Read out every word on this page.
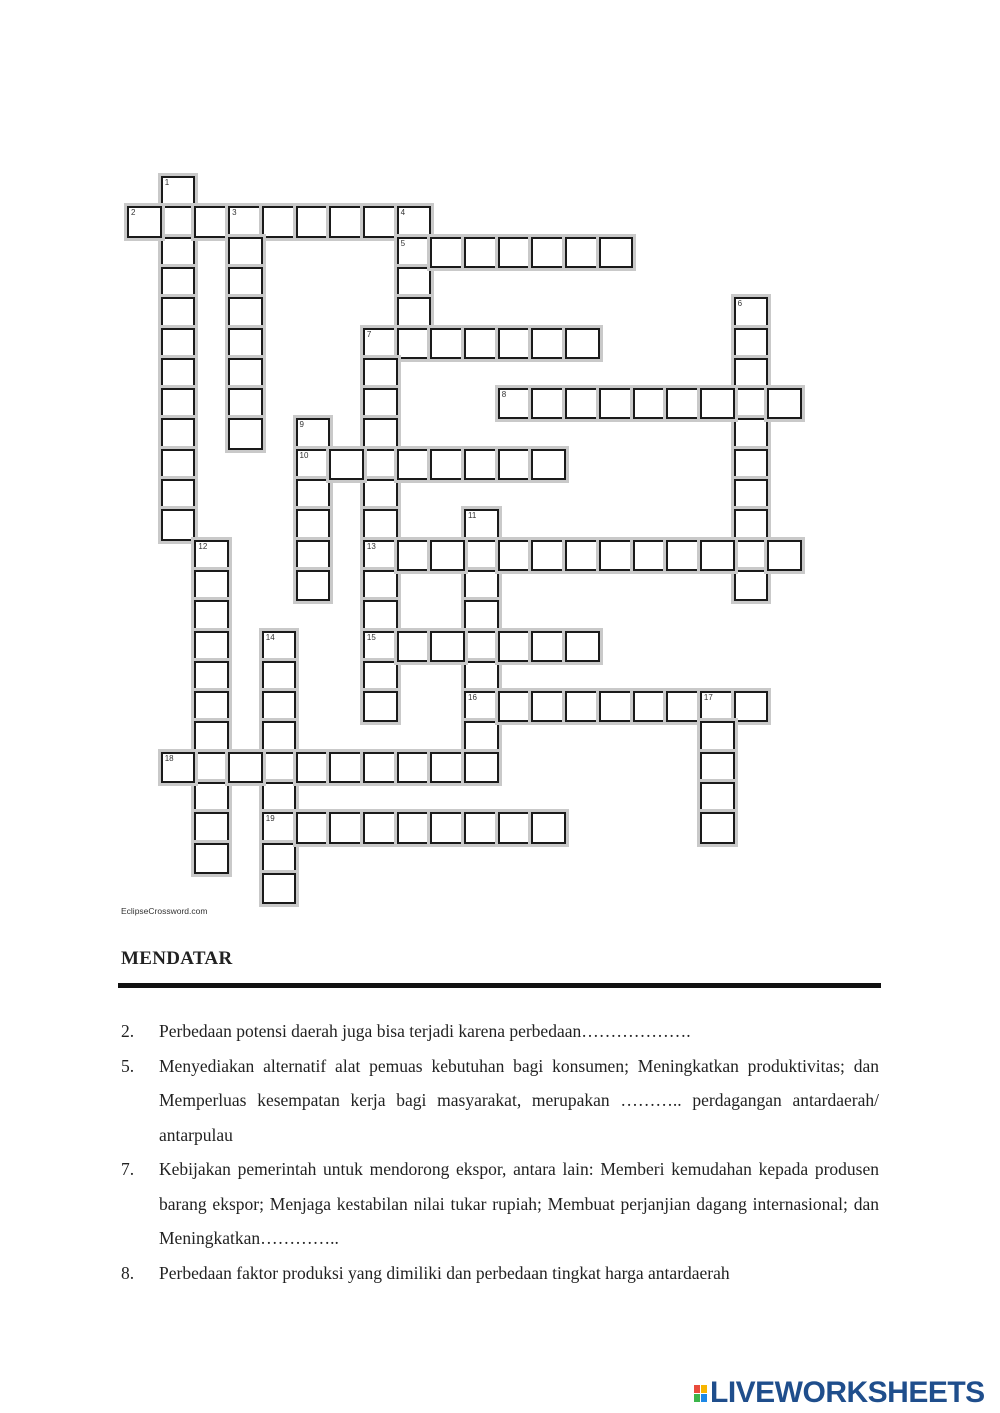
1
2	3	4
5
6
7
13
15
8
9
10
11
16
12
14
19
17
18
EclipseCrossword.com
MENDATAR
2.	Perbedaan potensi daerah juga bisa terjadi karena perbedaan……………….
5.	Menyediakan alternatif alat pemuas kebutuhan bagi konsumen; Meningkatkan produktivitas; dan Memperluas kesempatan kerja bagi masyarakat, merupakan ……….. perdagangan antardaerah/ antarpulau
7.	Kebijakan pemerintah untuk mendorong ekspor, antara lain: Memberi kemudahan kepada produsen barang ekspor; Menjaga kestabilan nilai tukar rupiah; Membuat perjanjian dagang internasional; dan Meningkatkan…………..
8.	Perbedaan faktor produksi yang dimiliki dan perbedaan tingkat harga antardaerah
LIVEWORKSHEETS
